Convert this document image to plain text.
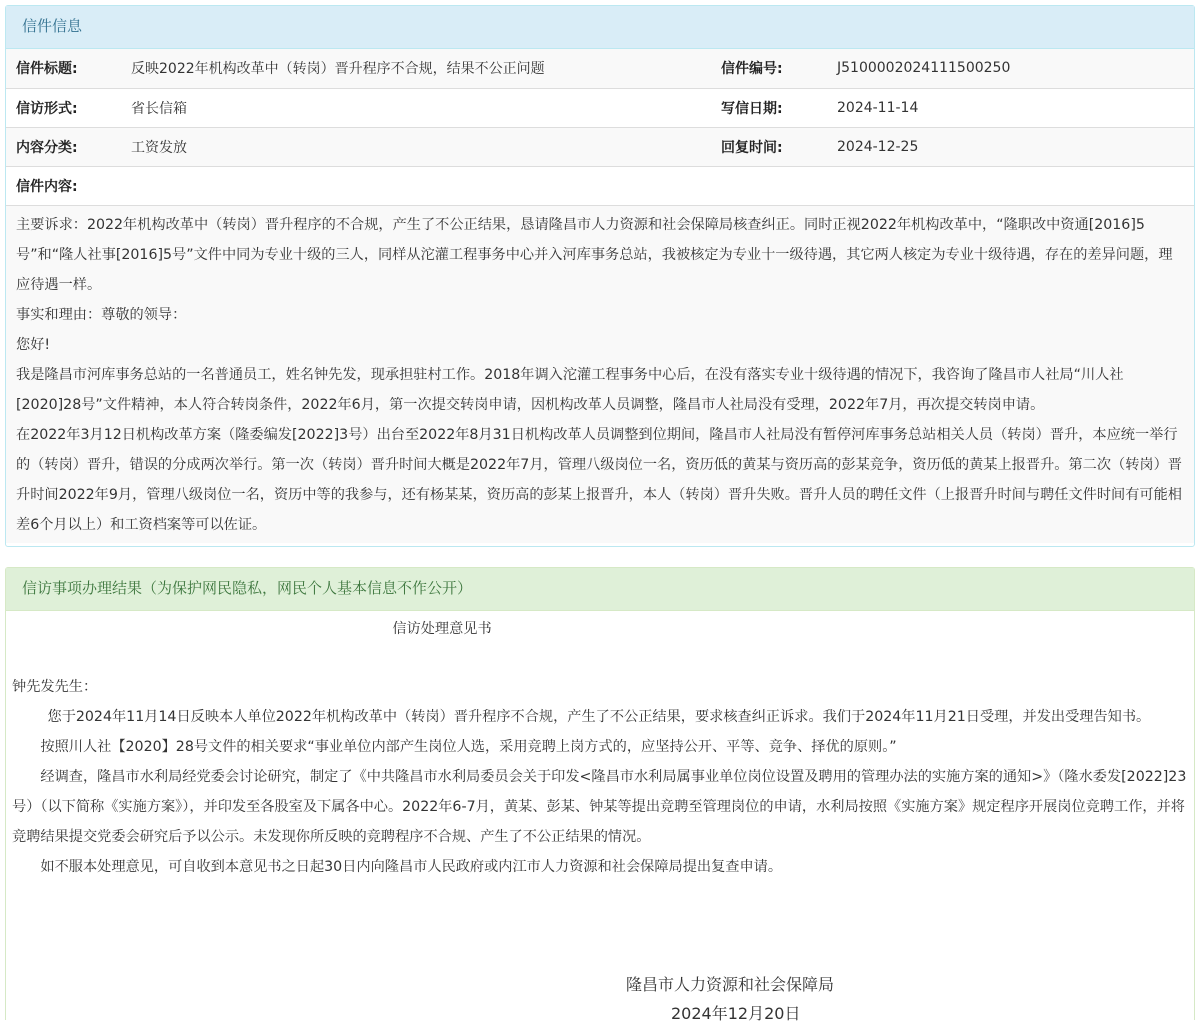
信件信息
信件标题:	反映2022年机构改革中（转岗）晋升程序不合规，结果不公正问题	信件编号:	J5100002024111500250
信访形式:	省长信箱	写信日期:	2024-11-14
内容分类:	工资发放	回复时间:	2024-12-25
信件内容:			

主要诉求：2022年机构改革中（转岗）晋升程序的不合规，产生了不公正结果，恳请隆昌市人力资源和社会保障局核查纠正。同时正视2022年机构改革中，“隆职改中资通[2016]5号”和“隆人社事[2016]5号”文件中同为专业十级的三人，同样从沱灌工程事务中心并入河库事务总站，我被核定为专业十一级待遇，其它两人核定为专业十级待遇，存在的差异问题，理应待遇一样。

事实和理由：尊敬的领导：

您好!

我是隆昌市河库事务总站的一名普通员工，姓名钟先发，现承担驻村工作。2018年调入沱灌工程事务中心后，在没有落实专业十级待遇的情况下，我咨询了隆昌市人社局“川人社[2020]28号”文件精神，本人符合转岗条件，2022年6月，第一次提交转岗申请，因机构改革人员调整，隆昌市人社局没有受理，2022年7月，再次提交转岗申请。

在2022年3月12日机构改革方案（隆委编发[2022]3号）出台至2022年8月31日机构改革人员调整到位期间，隆昌市人社局没有暂停河库事务总站相关人员（转岗）晋升，本应统一举行的（转岗）晋升，错误的分成两次举行。第一次（转岗）晋升时间大概是2022年7月，管理八级岗位一名，资历低的黄某与资历高的彭某竞争，资历低的黄某上报晋升。第二次（转岗）晋升时间2022年9月，管理八级岗位一名，资历中等的我参与，还有杨某某，资历高的彭某上报晋升，本人（转岗）晋升失败。晋升人员的聘任文件（上报晋升时间与聘任文件时间有可能相差6个月以上）和工资档案等可以佐证。

信访事项办理结果（为保护网民隐私，网民个人基本信息不作公开）
信访处理意见书
钟先发先生：

您于2024年11月14日反映本人单位2022年机构改革中（转岗）晋升程序不合规，产生了不公正结果，要求核查纠正诉求。我们于2024年11月21日受理，并发出受理告知书。

按照川人社【2020】28号文件的相关要求“事业单位内部产生岗位人选，采用竞聘上岗方式的，应坚持公开、平等、竞争、择优的原则。”

经调查，隆昌市水利局经党委会讨论研究，制定了《中共隆昌市水利局委员会关于印发<隆昌市水利局属事业单位岗位设置及聘用的管理办法的实施方案的通知>》（隆水委发[2022]23号）（以下简称《实施方案》），并印发至各股室及下属各中心。2022年6-7月，黄某、彭某、钟某等提出竞聘至管理岗位的申请，水利局按照《实施方案》规定程序开展岗位竞聘工作，并将竞聘结果提交党委会研究后予以公示。未发现你所反映的竞聘程序不合规、产生了不公正结果的情况。

如不服本处理意见，可自收到本意见书之日起30日内向隆昌市人民政府或内江市人力资源和社会保障局提出复查申请。

隆昌市人力资源和社会保障局
2024年12月20日
